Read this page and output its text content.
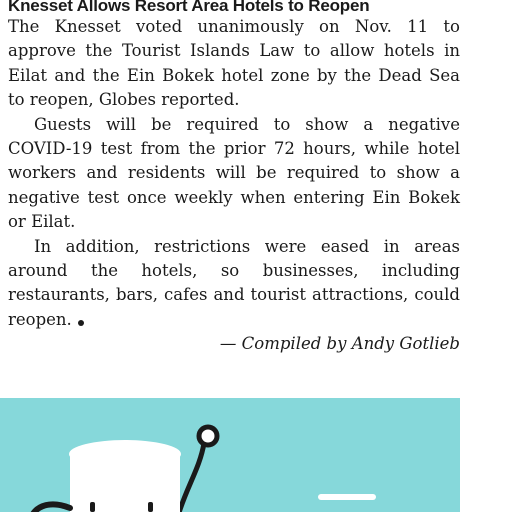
Knesset Allows Resort Area Hotels to Reopen

The Knesset voted unanimously on Nov. 11 to approve the Tourist Islands Law to allow hotels in Eilat and the Ein Bokek hotel zone by the Dead Sea to reopen, Globes reported.

Guests will be required to show a negative COVID-19 test from the prior 72 hours, while hotel workers and residents will be required to show a negative test once weekly when entering Ein Bokek or Eilat.

In addition, restrictions were eased in areas around the hotels, so businesses, including restaurants, bars, cafes and tourist attractions, could reopen.

— Compiled by Andy Gotlieb
